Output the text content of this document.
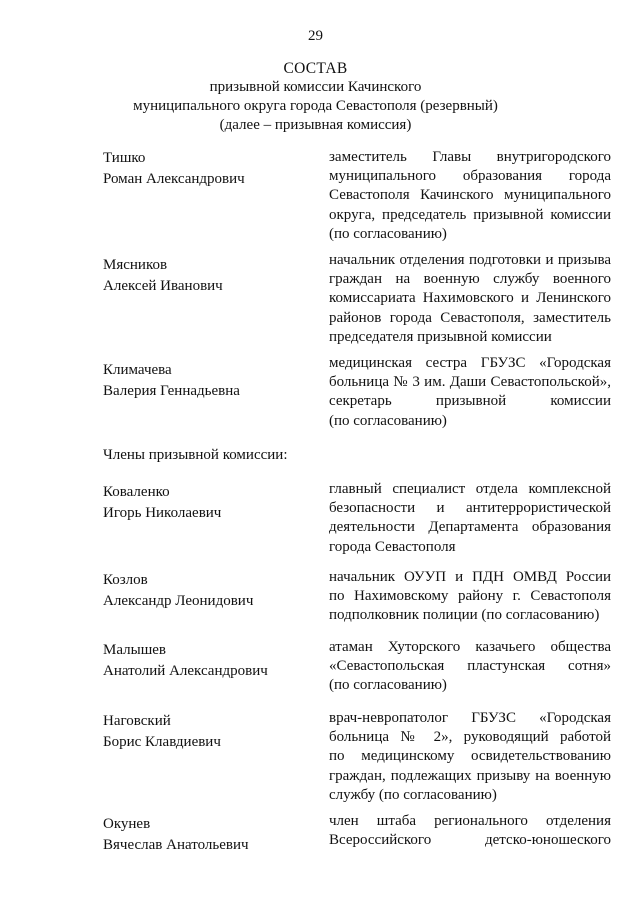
29
СОСТАВ
призывной комиссии Качинского
муниципального округа города Севастополя (резервный)
(далее – призывная комиссия)
Тишко
Роман Александрович
заместитель Главы внутригородского
муниципального образования города
Севастополя Качинского муниципального
округа, председатель призывной комиссии
(по согласованию)
Мясников
Алексей Иванович
начальник отделения подготовки и призыва
граждан на военную службу военного
комиссариата Нахимовского и Ленинского
районов города Севастополя, заместитель
председателя призывной комиссии
Климачева
Валерия Геннадьевна
медицинская сестра ГБУЗС «Городская
больница № 3 им. Даши Севастопольской»,
секретарь призывной комиссии
(по согласованию)
Члены призывной комиссии:
Коваленко
Игорь Николаевич
главный специалист отдела комплексной
безопасности и антитеррористической
деятельности Департамента образования
города Севастополя
Козлов
Александр Леонидович
начальник ОУУП и ПДН ОМВД России
по Нахимовскому району г. Севастополя
подполковник полиции (по согласованию)
Малышев
Анатолий Александрович
атаман Хуторского казачьего общества
«Севастопольская пластунская сотня»
(по согласованию)
Наговский
Борис Клавдиевич
врач-невропатолог ГБУЗС «Городская
больница № 2», руководящий работой
по медицинскому освидетельствованию
граждан, подлежащих призыву на военную
службу (по согласованию)
Окунев
Вячеслав Анатольевич
член штаба регионального отделения
Всероссийского детско-юношеского
